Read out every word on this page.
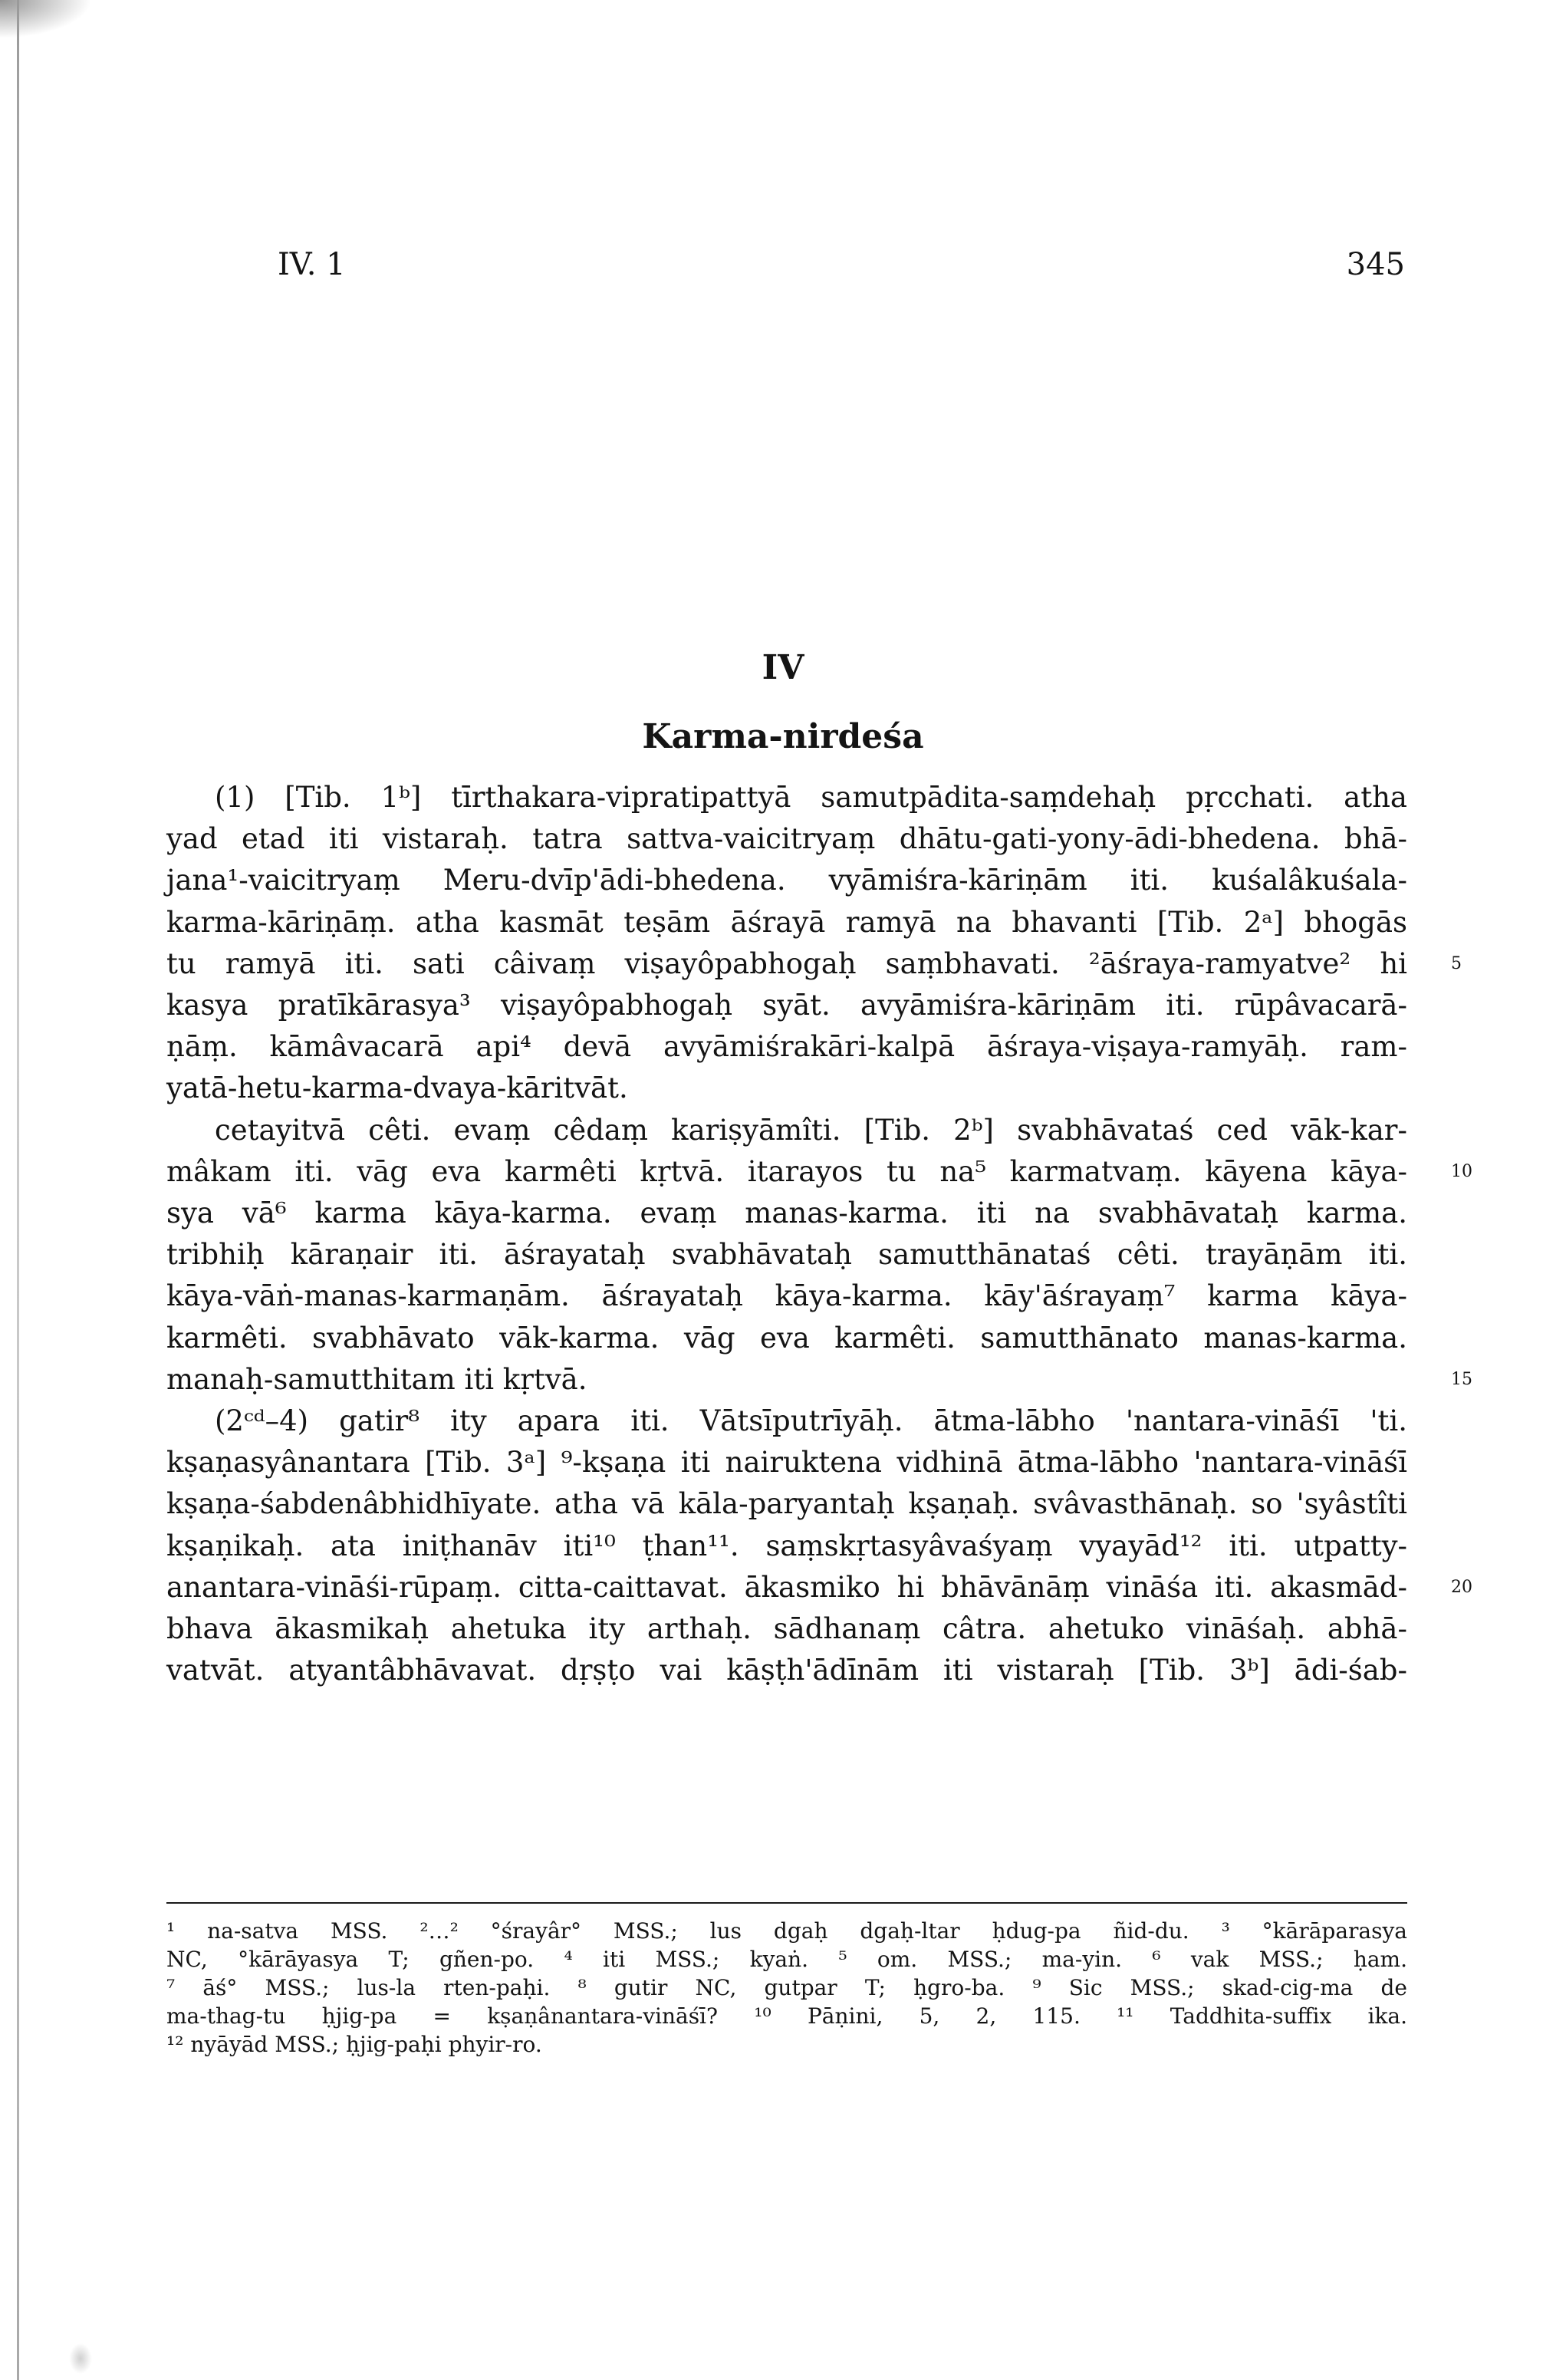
IV. 1	345
IV
Karma-nirdeśa
(1) [Tib. 1ᵇ] tīrthakara-vipratipattyā samutpādita-saṃdehaḥ pṛcchati. atha
yad etad iti vistaraḥ. tatra sattva-vaicitryaṃ dhātu-gati-yony-ādi-bhedena. bhā-
jana¹-vaicitryaṃ Meru-dvīp'ādi-bhedena. vyāmiśra-kāriṇām iti. kuśalâkuśala-
karma-kāriṇāṃ. atha kasmāt teṣām āśrayā ramyā na bhavanti [Tib. 2ᵃ] bhogās
tu ramyā iti. sati câivaṃ viṣayôpabhogaḥ saṃbhavati. ²āśraya-ramyatve² hi	5
kasya pratīkārasya³ viṣayôpabhogaḥ syāt. avyāmiśra-kāriṇām iti. rūpâvacarā-
ṇāṃ. kāmâvacarā api⁴ devā avyāmiśrakāri-kalpā āśraya-viṣaya-ramyāḥ. ram-
yatā-hetu-karma-dvaya-kāritvāt.
cetayitvā cêti. evaṃ cêdaṃ kariṣyāmîti. [Tib. 2ᵇ] svabhāvataś ced vāk-kar-
mâkam iti. vāg eva karmêti kṛtvā. itarayos tu na⁵ karmatvaṃ. kāyena kāya-	10
sya vā⁶ karma kāya-karma. evaṃ manas-karma. iti na svabhāvataḥ karma.
tribhiḥ kāraṇair iti. āśrayataḥ svabhāvataḥ samutthānataś cêti. trayāṇām iti.
kāya-vāṅ-manas-karmaṇām. āśrayataḥ kāya-karma. kāy'āśrayaṃ⁷ karma kāya-
karmêti. svabhāvato vāk-karma. vāg eva karmêti. samutthānato manas-karma.
manaḥ-samutthitam iti kṛtvā.	15
(2ᶜᵈ–4) gatir⁸ ity apara iti. Vātsīputrīyāḥ. ātma-lābho 'nantara-vināśī 'ti.
kṣaṇasyânantara [Tib. 3ᵃ] ⁹-kṣaṇa iti nairuktena vidhinā ātma-lābho 'nantara-vināśī
kṣaṇa-śabdenâbhidhīyate. atha vā kāla-paryantaḥ kṣaṇaḥ. svâvasthānaḥ. so 'syâstîti
kṣaṇikaḥ. ata iniṭhanāv iti¹⁰ ṭhan¹¹. saṃskṛtasyâvaśyaṃ vyayād¹² iti. utpatty-
anantara-vināśi-rūpaṃ. citta-caittavat. ākasmiko hi bhāvānāṃ vināśa iti. akasmād-	20
bhava ākasmikaḥ ahetuka ity arthaḥ. sādhanaṃ câtra. ahetuko vināśaḥ. abhā-
vatvāt. atyantâbhāvavat. dṛṣṭo vai kāṣṭh'ādīnām iti vistaraḥ [Tib. 3ᵇ] ādi-śab-
¹ na-satva MSS. ²…² °śrayâr° MSS.; lus dgaḥ dgaḥ-ltar ḥdug-pa ñid-du. ³ °kārāparasya
NC, °kārāyasya T; gñen-po. ⁴ iti MSS.; kyaṅ. ⁵ om. MSS.; ma-yin. ⁶ vak MSS.; ḥam.
⁷ āś° MSS.; lus-la rten-paḥi. ⁸ gutir NC, gutpar T; ḥgro-ba. ⁹ Sic MSS.; skad-cig-ma de
ma-thag-tu ḥjig-pa = kṣaṇânantara-vināśī? ¹⁰ Pāṇini, 5, 2, 115. ¹¹ Taddhita-suffix ika.
¹² nyāyād MSS.; ḥjig-paḥi phyir-ro.
